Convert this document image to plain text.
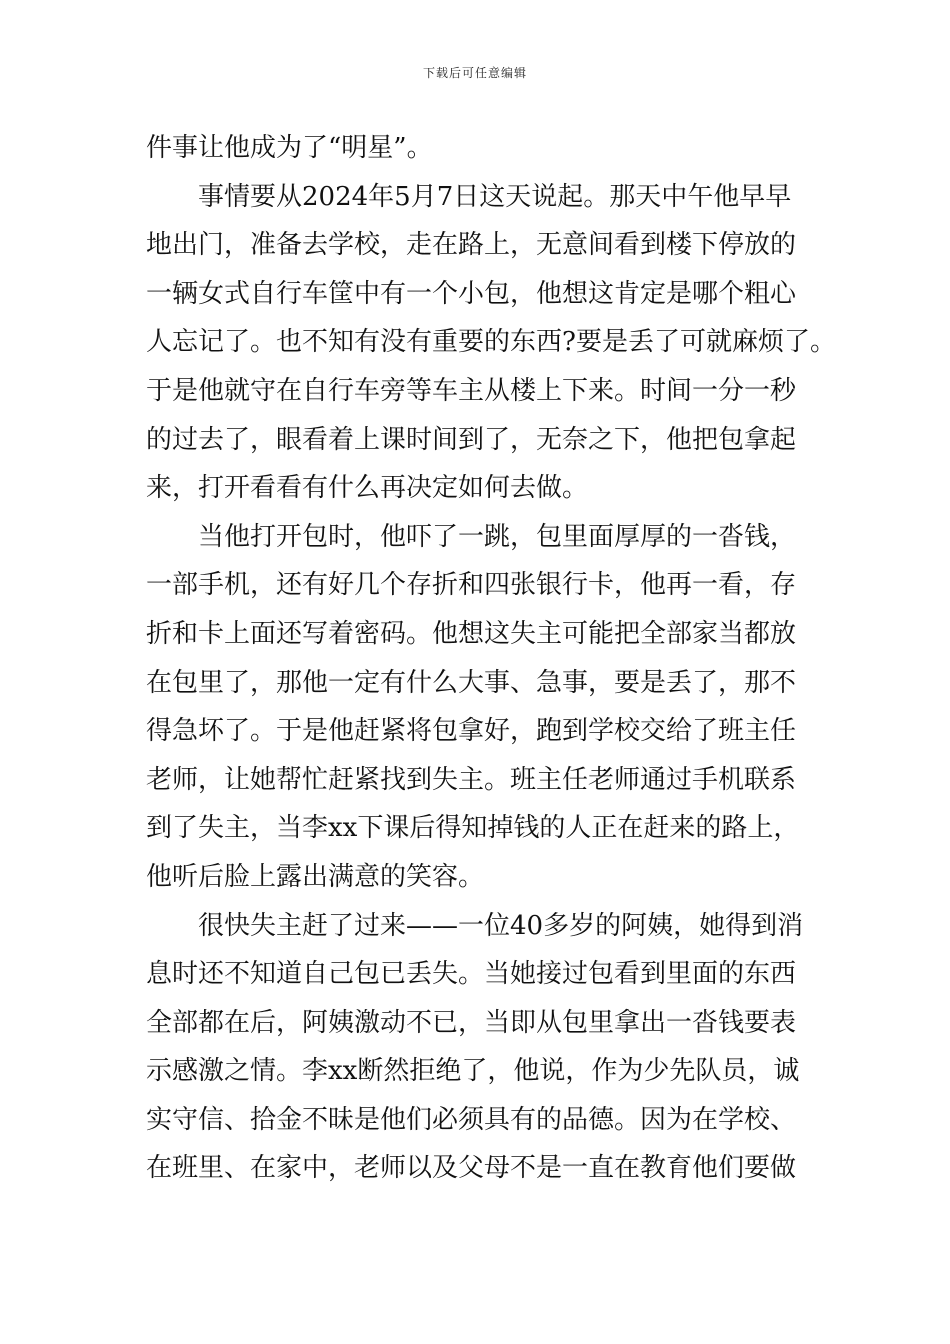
下载后可任意编辑
件事让他成为了“明星”。
事情要从2024年5月7日这天说起。那天中午他早早
地出门，准备去学校，走在路上，无意间看到楼下停放的
一辆女式自行车筐中有一个小包，他想这肯定是哪个粗心
人忘记了。也不知有没有重要的东西?要是丢了可就麻烦了。
于是他就守在自行车旁等车主从楼上下来。时间一分一秒
的过去了，眼看着上课时间到了，无奈之下，他把包拿起
来，打开看看有什么再决定如何去做。
当他打开包时，他吓了一跳，包里面厚厚的一沓钱，
一部手机，还有好几个存折和四张银行卡，他再一看，存
折和卡上面还写着密码。他想这失主可能把全部家当都放
在包里了，那他一定有什么大事、急事，要是丢了，那不
得急坏了。于是他赶紧将包拿好，跑到学校交给了班主任
老师，让她帮忙赶紧找到失主。班主任老师通过手机联系
到了失主，当李xx下课后得知掉钱的人正在赶来的路上，
他听后脸上露出满意的笑容。
很快失主赶了过来——一位40多岁的阿姨，她得到消
息时还不知道自己包已丢失。当她接过包看到里面的东西
全部都在后，阿姨激动不已，当即从包里拿出一沓钱要表
示感激之情。李xx断然拒绝了，他说，作为少先队员，诚
实守信、拾金不昧是他们必须具有的品德。因为在学校、
在班里、在家中，老师以及父母不是一直在教育他们要做
